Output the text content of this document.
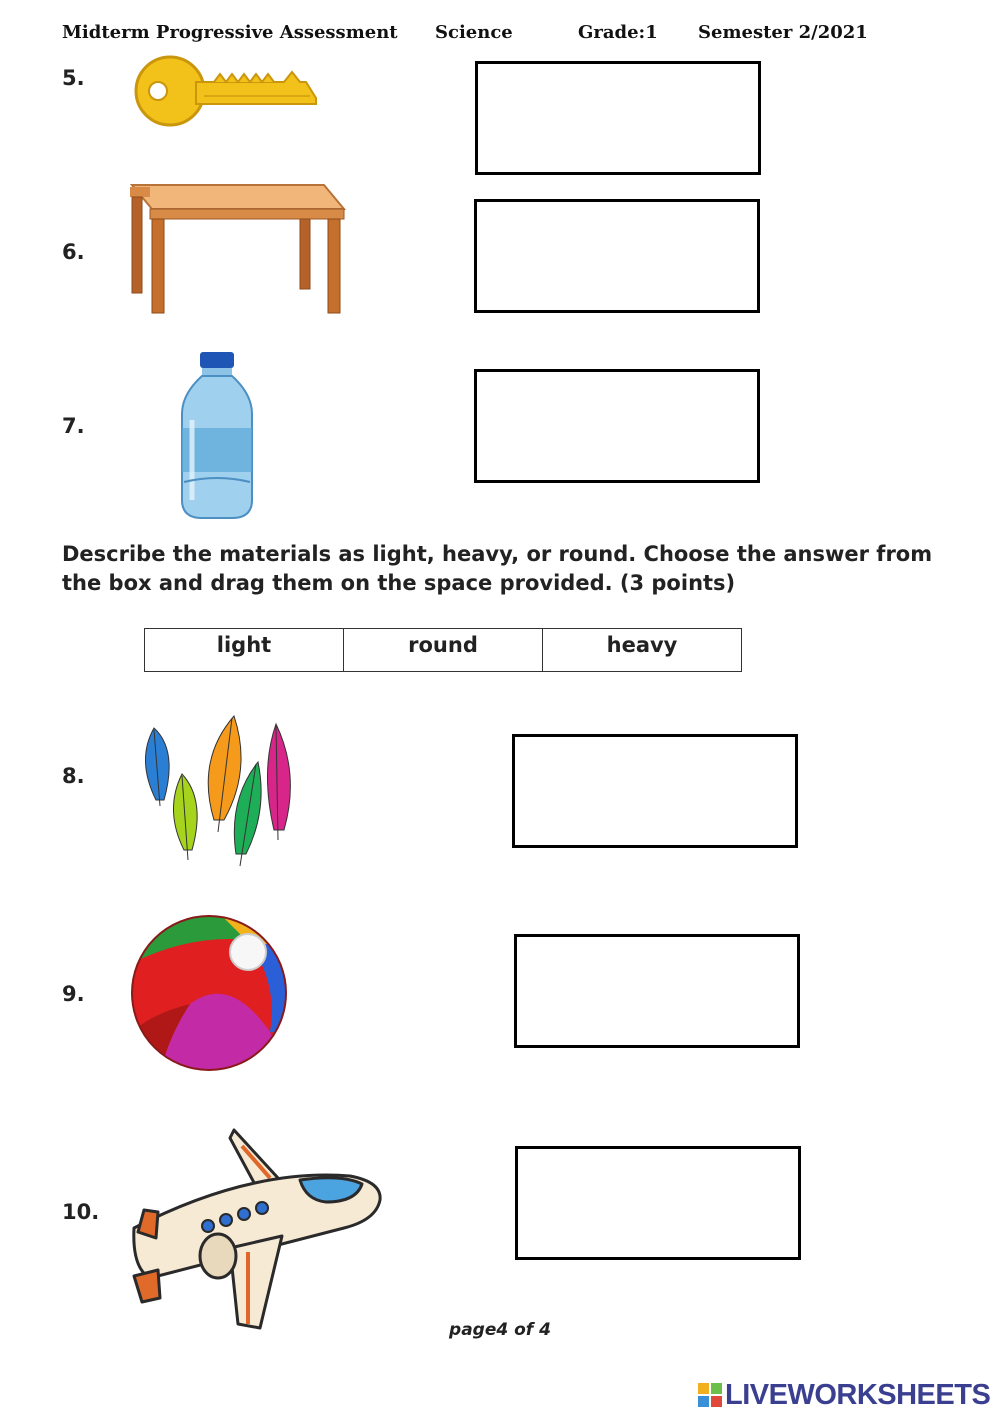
Midterm Progressive Assessment Science	Grade:1 Semester 2/2021
5.
6.
7.
Describe the materials as light, heavy, or round. Choose the answer from the box and drag them on the space provided. (3 points)
light	round	heavy
8.
9.
10.
page4 of 4
LIVEWORKSHEETS
